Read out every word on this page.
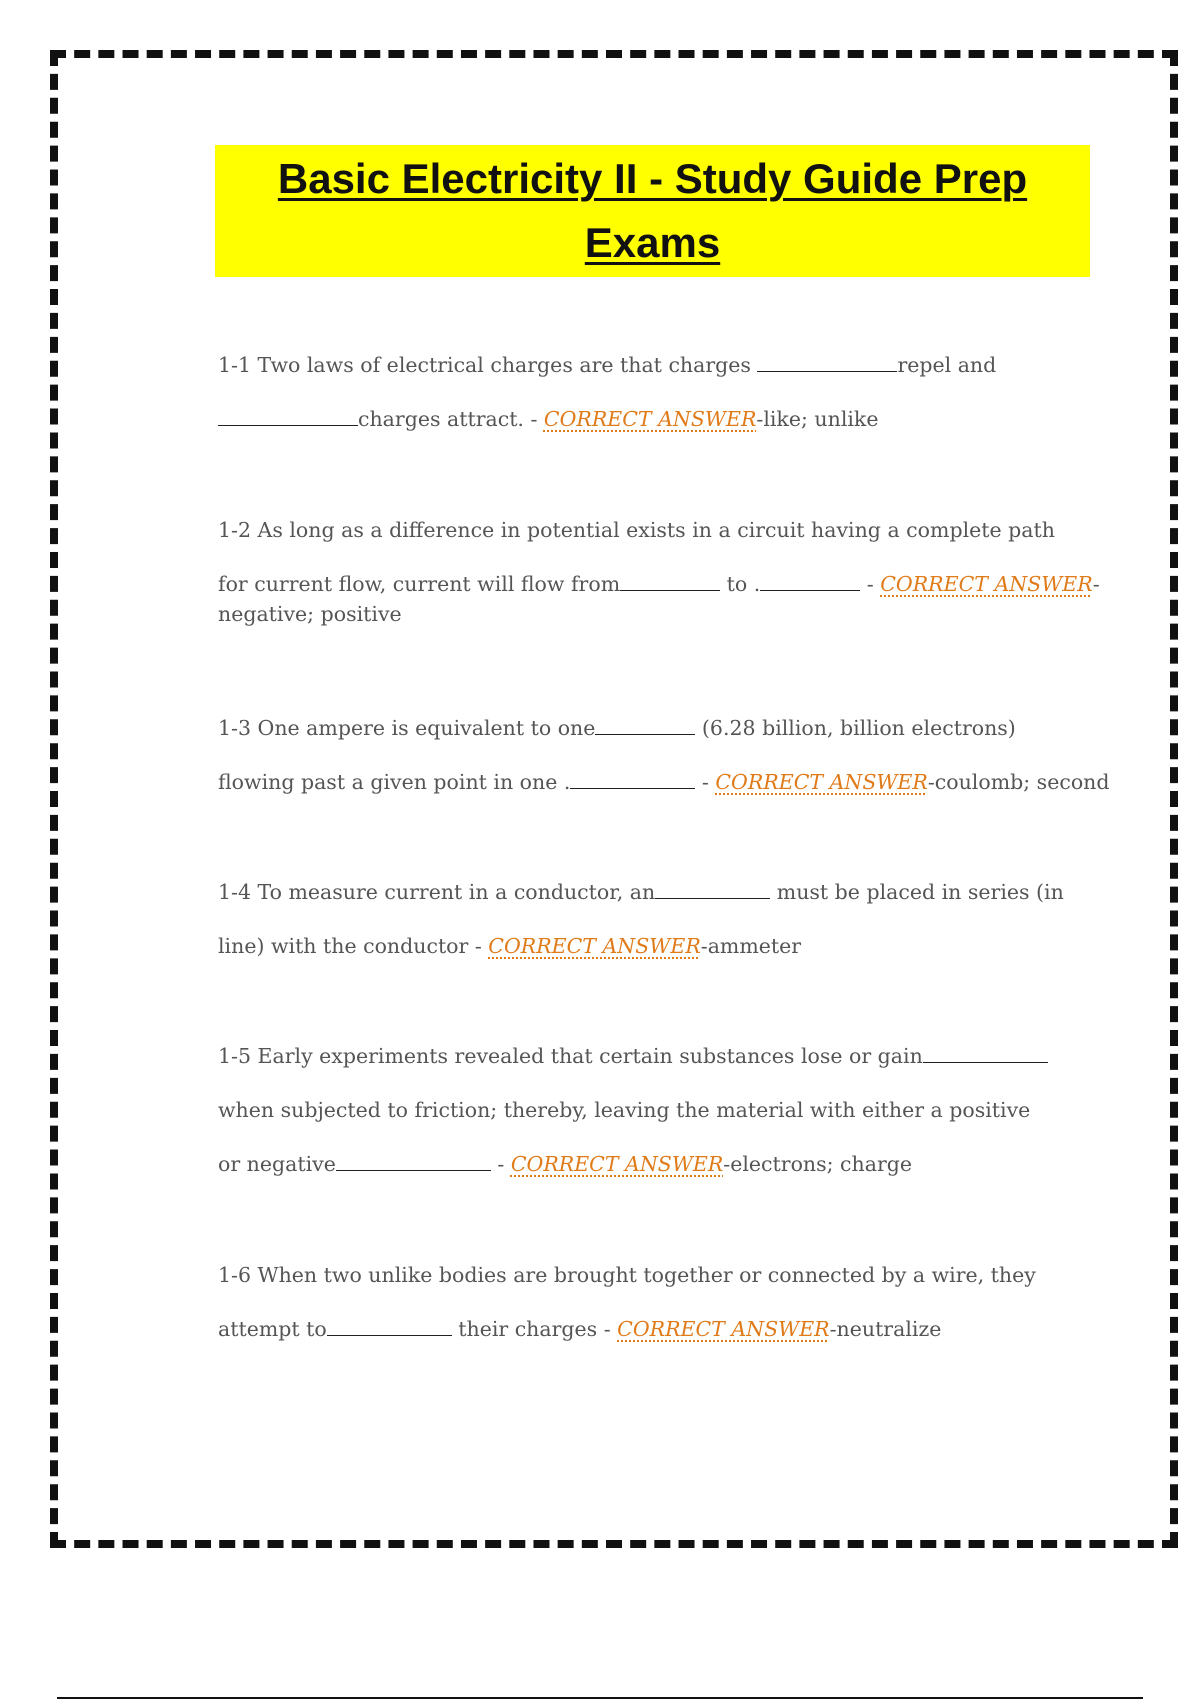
Basic Electricity II - Study Guide Prep
Exams
1-1 Two laws of electrical charges are that charges	repel and
charges attract. - CORRECT ANSWER-like; unlike
1-2 As long as a difference in potential exists in a circuit having a complete path
for current flow, current will flow from	to .	- CORRECT ANSWER-
negative; positive
1-3 One ampere is equivalent to one	(6.28 billion, billion electrons)
flowing past a given point in one .	- CORRECT ANSWER-coulomb; second
1-4 To measure current in a conductor, an	must be placed in series (in
line) with the conductor - CORRECT ANSWER-ammeter
1-5 Early experiments revealed that certain substances lose or gain
when subjected to friction; thereby, leaving the material with either a positive
or negative	- CORRECT ANSWER-electrons; charge
1-6 When two unlike bodies are brought together or connected by a wire, they
attempt to	their charges - CORRECT ANSWER-neutralize
